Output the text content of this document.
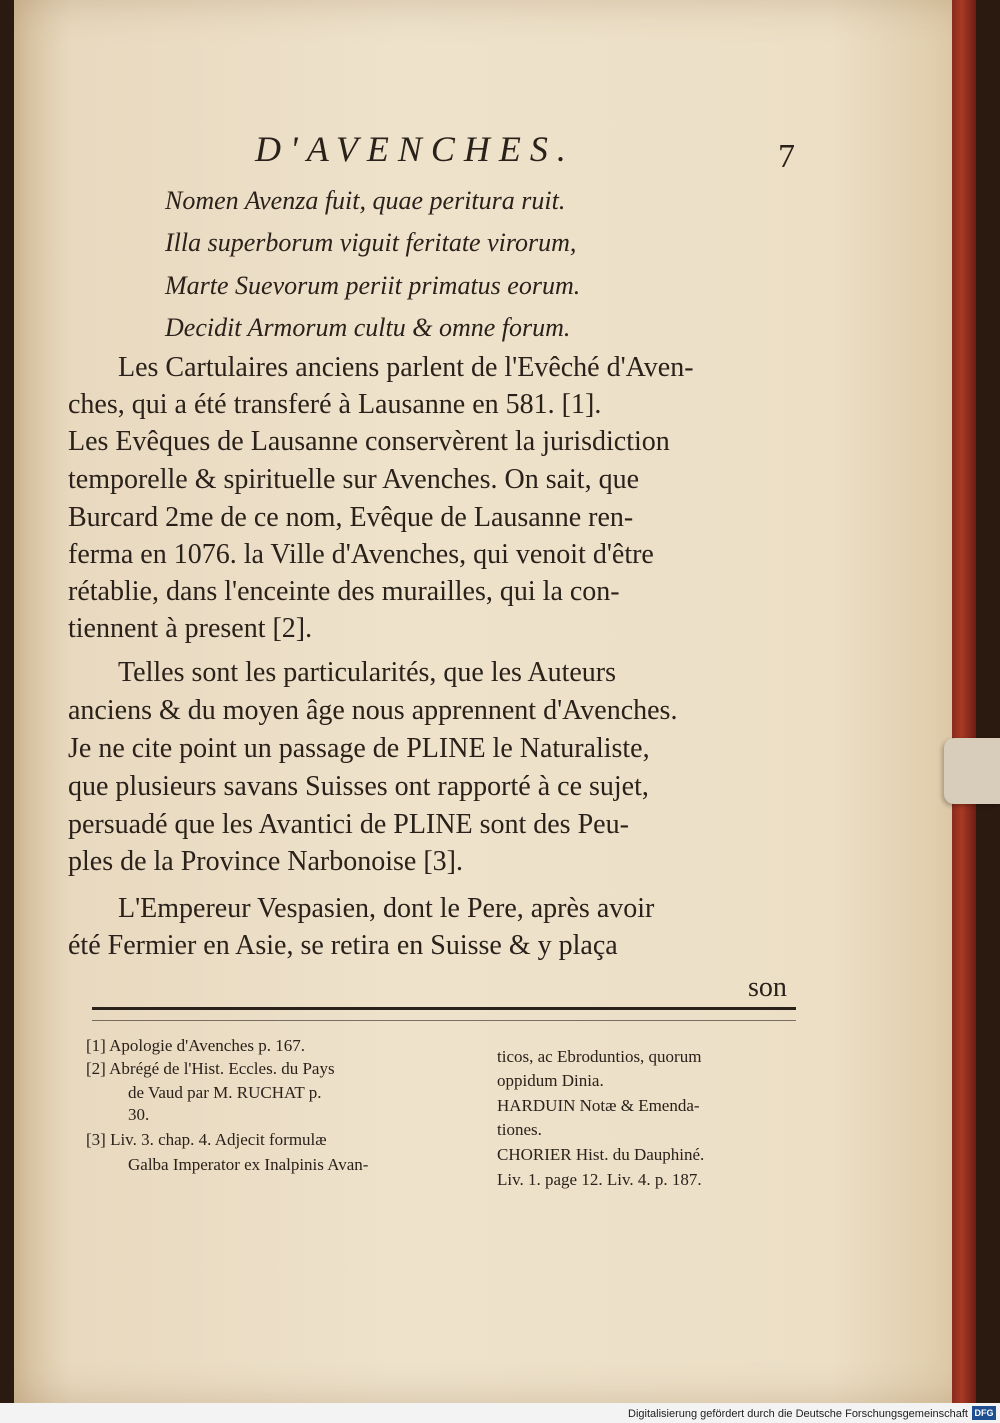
D'AVENCHES.	7
Nomen Avenza fuit, quae peritura ruit.
Illa superborum viguit feritate virorum,
Marte Suevorum periit primatus eorum.
Decidit Armorum cultu & omne forum.
Les Cartulaires anciens parlent de l'Evêché d'Aven-
ches, qui a été transferé à Lausanne en 581. [1].
Les Evêques de Lausanne conservèrent la jurisdiction
temporelle & spirituelle sur Avenches. On sait, que
Burcard 2me de ce nom, Evêque de Lausanne ren-
ferma en 1076. la Ville d'Avenches, qui venoit d'être
rétablie, dans l'enceinte des murailles, qui la con-
tiennent à present [2].
Telles sont les particularités, que les Auteurs
anciens & du moyen âge nous apprennent d'Avenches.
Je ne cite point un passage de PLINE le Naturaliste,
que plusieurs savans Suisses ont rapporté à ce sujet,
persuadé que les Avantici de PLINE sont des Peu-
ples de la Province Narbonoise [3].
L'Empereur Vespasien, dont le Pere, après avoir
été Fermier en Asie, se retira en Suisse & y plaça
son
[1] Apologie d'Avenches p. 167.
[2] Abrégé de l'Hist. Eccles. du Pays
de Vaud par M. RUCHAT p.
30.
[3] Liv. 3. chap. 4. Adjecit formulæ
Galba Imperator ex Inalpinis Avan-
ticos, ac Ebroduntios, quorum
oppidum Dinia.
HARDUIN Notæ & Emenda-
tiones.
CHORIER Hist. du Dauphiné.
Liv. 1. page 12. Liv. 4. p. 187.
Digitalisierung gefördert durch die Deutsche Forschungsgemeinschaft DFG
